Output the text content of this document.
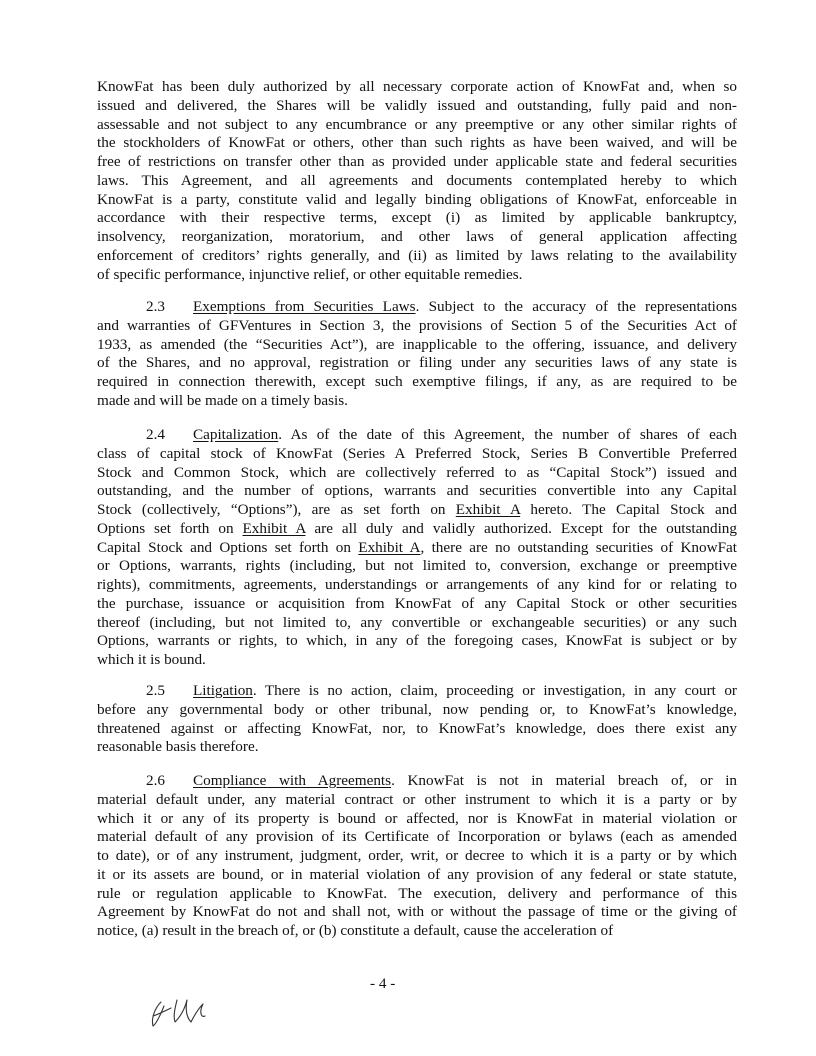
KnowFat has been duly authorized by all necessary corporate action of KnowFat and, when so
issued and delivered, the Shares will be validly issued and outstanding, fully paid and non-
assessable and not subject to any encumbrance or any preemptive or any other similar rights of
the stockholders of KnowFat or others, other than such rights as have been waived, and will be
free of restrictions on transfer other than as provided under applicable state and federal securities
laws. This Agreement, and all agreements and documents contemplated hereby to which
KnowFat is a party, constitute valid and legally binding obligations of KnowFat, enforceable in
accordance with their respective terms, except (i) as limited by applicable bankruptcy,
insolvency, reorganization, moratorium, and other laws of general application affecting
enforcement of creditors’ rights generally, and (ii) as limited by laws relating to the availability
of specific performance, injunctive relief, or other equitable remedies.
2.3 Exemptions from Securities Laws. Subject to the accuracy of the representations
and warranties of GFVentures in Section 3, the provisions of Section 5 of the Securities Act of
1933, as amended (the “Securities Act”), are inapplicable to the offering, issuance, and delivery
of the Shares, and no approval, registration or filing under any securities laws of any state is
required in connection therewith, except such exemptive filings, if any, as are required to be
made and will be made on a timely basis.
2.4 Capitalization. As of the date of this Agreement, the number of shares of each
class of capital stock of KnowFat (Series A Preferred Stock, Series B Convertible Preferred
Stock and Common Stock, which are collectively referred to as “Capital Stock”) issued and
outstanding, and the number of options, warrants and securities convertible into any Capital
Stock (collectively, “Options”), are as set forth on Exhibit A hereto. The Capital Stock and
Options set forth on Exhibit A are all duly and validly authorized. Except for the outstanding
Capital Stock and Options set forth on Exhibit A, there are no outstanding securities of KnowFat
or Options, warrants, rights (including, but not limited to, conversion, exchange or preemptive
rights), commitments, agreements, understandings or arrangements of any kind for or relating to
the purchase, issuance or acquisition from KnowFat of any Capital Stock or other securities
thereof (including, but not limited to, any convertible or exchangeable securities) or any such
Options, warrants or rights, to which, in any of the foregoing cases, KnowFat is subject or by
which it is bound.
2.5 Litigation. There is no action, claim, proceeding or investigation, in any court or
before any governmental body or other tribunal, now pending or, to KnowFat’s knowledge,
threatened against or affecting KnowFat, nor, to KnowFat’s knowledge, does there exist any
reasonable basis therefore.
2.6 Compliance with Agreements. KnowFat is not in material breach of, or in
material default under, any material contract or other instrument to which it is a party or by
which it or any of its property is bound or affected, nor is KnowFat in material violation or
material default of any provision of its Certificate of Incorporation or bylaws (each as amended
to date), or of any instrument, judgment, order, writ, or decree to which it is a party or by which
it or its assets are bound, or in material violation of any provision of any federal or state statute,
rule or regulation applicable to KnowFat. The execution, delivery and performance of this
Agreement by KnowFat do not and shall not, with or without the passage of time or the giving of
notice, (a) result in the breach of, or (b) constitute a default, cause the acceleration of
- 4 -
